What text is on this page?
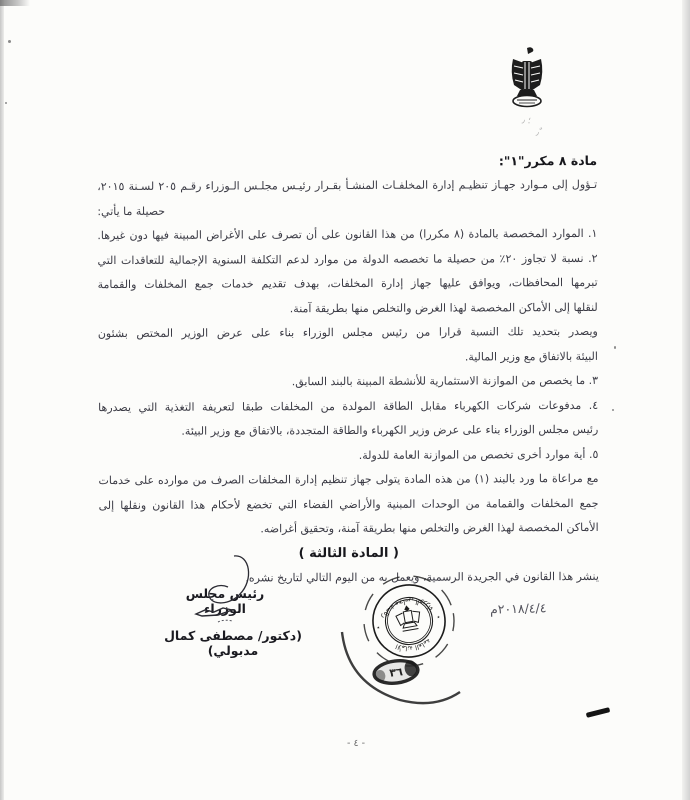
؛ ٫
٫ ٌ

مادة ٨ مكرر"١":

تـؤول إلى مـوارد جهـاز تنظيـم إدارة المخلفـات المنشـأ بقـرار رئيـس مجلـس الـوزراء رقـم ٢٠٥ لسـنة ٢٠١٥،

حصيلة ما يأتي:

١. الموارد المخصصة بالمادة (٨ مكررا) من هذا القانون على أن تصرف على الأغراض المبينة فيها دون غيرها.

٢. نسبة لا تجاوز ٢٠٪ من حصيلة ما تخصصه الدولة من موارد لدعم التكلفة السنوية الإجمالية للتعاقدات التي تبرمها المحافظات، ويوافق عليها جهاز إدارة المخلفات، بهدف تقديم خدمات جمع المخلفات والقمامة

لنقلها إلى الأماكن المخصصة لهذا الغرض والتخلص منها بطريقة آمنة.

ويصدر بتحديد تلك النسبة قرارا من رئيس مجلس الوزراء بناء على عرض الوزير المختص بشئون

البيئة بالاتفاق مع وزير المالية.

٣. ما يخصص من الموازنة الاستثمارية للأنشطة المبينة بالبند السابق.

٤. مدفوعات شركات الكهرباء مقابل الطاقة المولدة من المخلفات طبقا لتعريفة التغذية التي يصدرها

رئيس مجلس الوزراء بناء على عرض وزير الكهرباء والطاقة المتجددة، بالاتفاق مع وزير البيئة.

٥. أية موارد أخرى تخصص من الموازنة العامة للدولة.

مع مراعاة ما ورد بالبند (١) من هذه المادة يتولى جهاز تنظيم إدارة المخلفات الصرف من موارده على خدمات جمع المخلفات والقمامة من الوحدات المبنية والأراضي الفضاء التي تخضع لأحكام هذا القانون ونقلها إلى

الأماكن المخصصة لهذا الغرض والتخلص منها بطريقة آمنة، وتحقيق أغراضه.

( المادة الثالثة )

ينشر هذا القانون في الجريدة الرسمية، ويعمل به من اليوم التالي لتاريخ نشره.

رئيس مجلس الوزراء
(دكتور/ مصطفى كمال مدبولي)
٢٠١٨/٤/٤م
رئاسة مجلس الوزراء
الأمانة العامة
٭
٭
٣٦
- ٤ -
